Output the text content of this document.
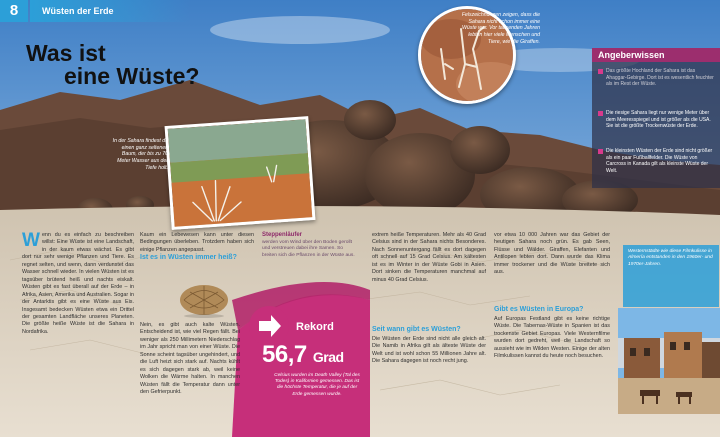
8	Wüsten der Erde
Was ist
eine Wüste?
Felszeichnungen zeigen, dass die Sahara nicht schon immer eine Wüste war. Vor tausenden Jahren lebten hier viele Menschen und Tiere, wie die Giraffen.
In der Sahara findest du einen ganz seltenen Baum, der bis zu 70 Meter Wasser aus der Tiefe holt.
Angeberwissen
Das größte Hochland der Sahara ist das Ahaggar-Gebirge. Dort ist es wesentlich feuchter als im Rest der Wüste.
Die riesige Sahara liegt nur wenige Meter über dem Meeresspiegel und ist größer als die USA. Sie ist die größte Trockenwüste der Erde.
Die kleinsten Wüsten der Erde sind nicht größer als ein paar Fußballfelder. Die Wüste von Carcross in Kanada gilt als kleinste Wüste der Welt.
Wenn du es einfach zu beschreiben willst: Eine Wüste ist eine Landschaft, in der kaum etwas wächst. Es gibt dort nur sehr wenige Pflanzen und Tiere. Es regnet selten, und wenn, dann verdunstet das Wasser schnell wieder. In vielen Wüsten ist es tagsüber brütend heiß und nachts eiskalt. Wüsten gibt es fast überall auf der Erde – in Afrika, Asien, Amerika und Australien. Sogar in der Antarktis gibt es eine Wüste aus Eis. Insgesamt bedecken Wüsten etwa ein Drittel der gesamten Landfläche unseres Planeten. Die größte heiße Wüste ist die Sahara in Nordafrika.
Kaum ein Lebewesen kann unter diesen Bedingungen überleben. Trotzdem haben sich einige Pflanzen angepasst.
Ist es in Wüsten immer heiß?
Nein, es gibt auch kalte Wüsten. Entscheidend ist, wie viel Regen fällt. Bei weniger als 250 Millimetern Niederschlag im Jahr spricht man von einer Wüste. Die Sonne scheint tagsüber ungehindert, und die Luft heizt sich stark auf. Nachts kühlt es sich dagegen stark ab, weil keine Wolken die Wärme halten. In manchen Wüsten fällt die Temperatur dann unter den Gefrierpunkt.
Steppenläufer
werden vom Wind über den Boden gerollt und verstreuen dabei ihre Samen. So breiten sich die Pflanzen in der Wüste aus.
Rekord
56,7 Grad
Celsius wurden im Death Valley (Tal des Todes) in Kalifornien gemessen. Das ist die höchste Temperatur, die je auf der Erde gemessen wurde.
extrem heiße Temperaturen. Mehr als 40 Grad Celsius sind in der Sahara nichts Besonderes. Nach Sonnenuntergang fällt es dort dagegen oft schnell auf 15 Grad Celsius. Am kältesten ist es im Winter in der Wüste Gobi in Asien. Dort sinken die Temperaturen manchmal auf minus 40 Grad Celsius.
Seit wann gibt es Wüsten?
Die Wüsten der Erde sind nicht alle gleich alt. Die Namib in Afrika gilt als älteste Wüste der Welt und ist wohl schon 55 Millionen Jahre alt. Die Sahara dagegen ist noch recht jung.
vor etwa 10 000 Jahren war das Gebiet der heutigen Sahara noch grün. Es gab Seen, Flüsse und Wälder. Giraffen, Elefanten und Antilopen lebten dort. Dann wurde das Klima immer trockener und die Wüste breitete sich aus.
Gibt es Wüsten in Europa?
Auf Europas Festland gibt es keine richtige Wüste. Die Tabernas-Wüste in Spanien ist das trockenste Gebiet Europas. Viele Westernfilme wurden dort gedreht, weil die Landschaft so aussieht wie im Wilden Westen. Einige der alten Filmkulissen kannst du heute noch besuchen.
Westernstädte wie diese Filmkulisse in Almería entstanden in den 1960er- und 1970er-Jahren.
